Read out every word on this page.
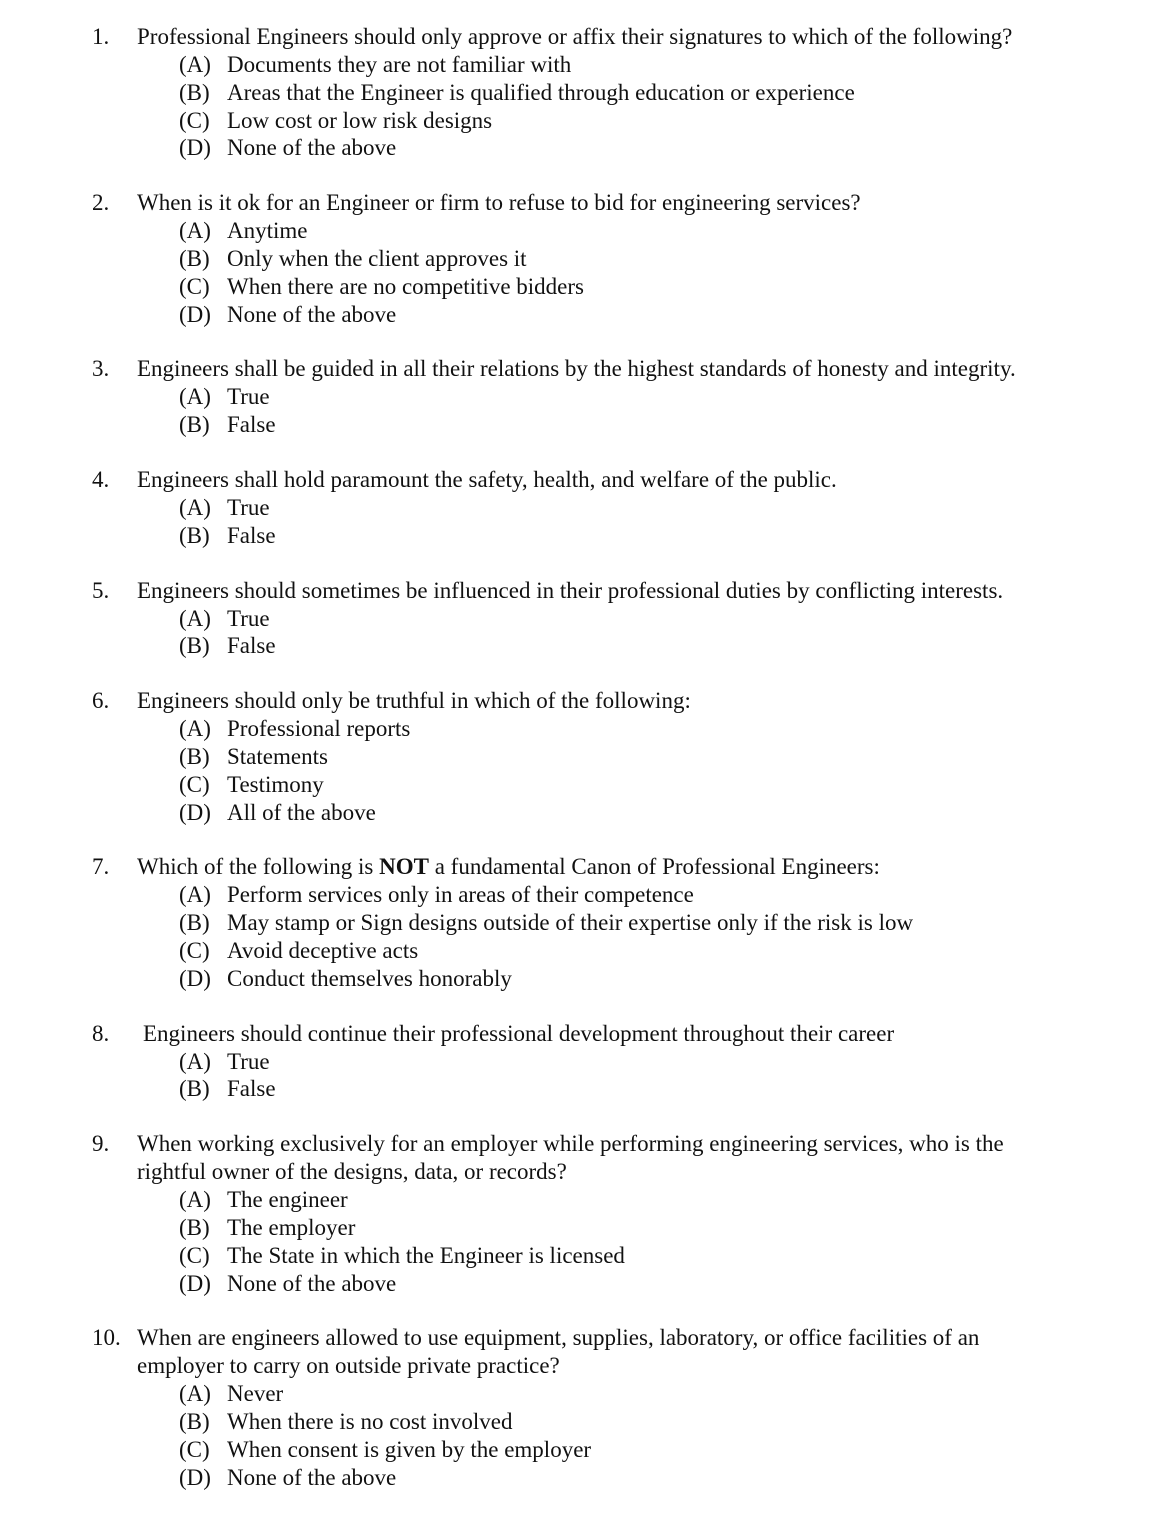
1. Professional Engineers should only approve or affix their signatures to which of the following?
(A) Documents they are not familiar with
(B) Areas that the Engineer is qualified through education or experience
(C) Low cost or low risk designs
(D) None of the above
2. When is it ok for an Engineer or firm to refuse to bid for engineering services?
(A) Anytime
(B) Only when the client approves it
(C) When there are no competitive bidders
(D) None of the above
3. Engineers shall be guided in all their relations by the highest standards of honesty and integrity.
(A) True
(B) False
4. Engineers shall hold paramount the safety, health, and welfare of the public.
(A) True
(B) False
5. Engineers should sometimes be influenced in their professional duties by conflicting interests.
(A) True
(B) False
6. Engineers should only be truthful in which of the following:
(A) Professional reports
(B) Statements
(C) Testimony
(D) All of the above
7. Which of the following is NOT a fundamental Canon of Professional Engineers:
(A) Perform services only in areas of their competence
(B) May stamp or Sign designs outside of their expertise only if the risk is low
(C) Avoid deceptive acts
(D) Conduct themselves honorably
8. Engineers should continue their professional development throughout their career
(A) True
(B) False
9. When working exclusively for an employer while performing engineering services, who is the rightful owner of the designs, data, or records?
(A) The engineer
(B) The employer
(C) The State in which the Engineer is licensed
(D) None of the above
10. When are engineers allowed to use equipment, supplies, laboratory, or office facilities of an employer to carry on outside private practice?
(A) Never
(B) When there is no cost involved
(C) When consent is given by the employer
(D) None of the above
